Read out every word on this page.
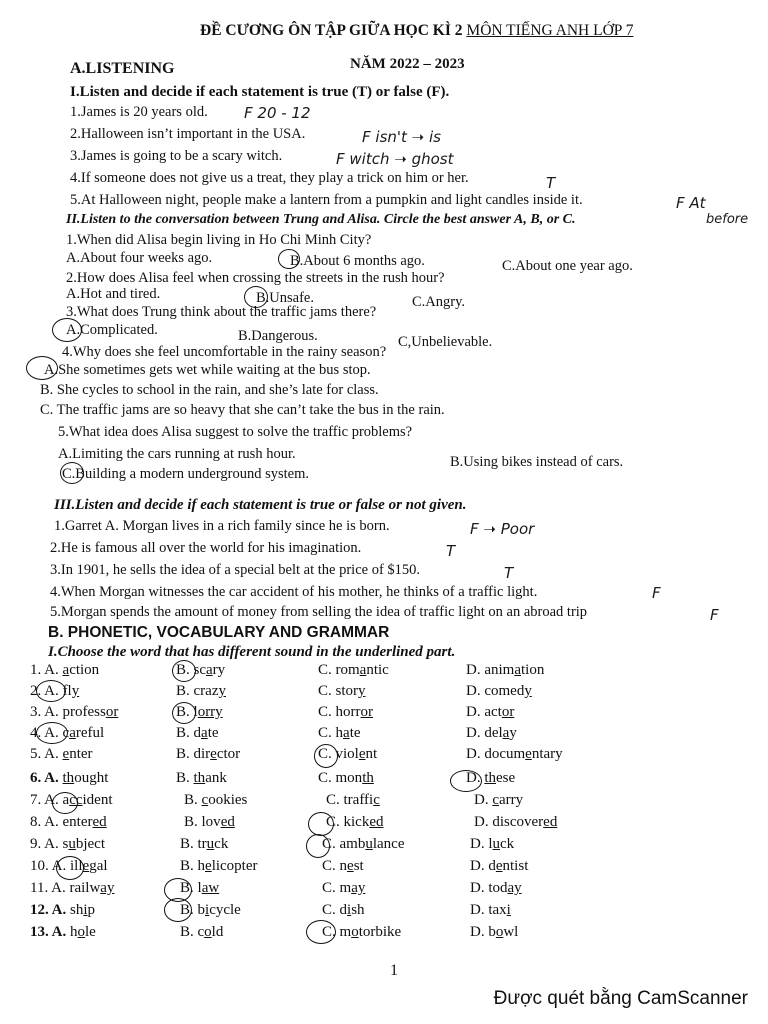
ĐỀ CƯƠNG ÔN TẬP GIỮA HỌC KÌ 2 MÔN TIẾNG ANH LỚP 7
NĂM 2022 – 2023
A.LISTENING
I.Listen and decide if each statement is true (T) or false (F).
1.James is 20 years old.
2.Halloween isn’t important in the USA.
3.James is going to be a scary witch.
4.If someone does not give us a treat, they play a trick on him or her.
5.At Halloween night, people make a lantern from a pumpkin and light candles inside it.
F 20 - 12
F isn't ➝ is
F witch ➝ ghost
T
F At
before
II.Listen to the conversation between Trung and Alisa. Circle the best answer A, B, or C.
1.When did Alisa begin living in Ho Chi Minh City?
A.About four weeks ago.	B.About 6 months ago.	C.About one year ago.
2.How does Alisa feel when crossing the streets in the rush hour?
A.Hot and tired.	B.Unsafe.	C.Angry.
3.What does Trung think about the traffic jams there?
A.Complicated.	B.Dangerous.	C,Unbelievable.
4.Why does she feel uncomfortable in the rainy season?
A.She sometimes gets wet while waiting at the bus stop.
B. She cycles to school in the rain, and she’s late for class.
C. The traffic jams are so heavy that she can’t take the bus in the rain.
5.What idea does Alisa suggest to solve the traffic problems?
A.Limiting the cars running at rush hour.	B.Using bikes instead of cars.
C.Building a modern underground system.
III.Listen and decide if each statement is true or false or not given.
1.Garret A. Morgan lives in a rich family since he is born.
2.He is famous all over the world for his imagination.
3.In 1901, he sells the idea of a special belt at the price of $150.
4.When Morgan witnesses the car accident of his mother, he thinks of a traffic light.
5.Morgan spends the amount of money from selling the idea of traffic light on an abroad trip
F ➝ Poor
T
T
F
F
B. PHONETIC, VOCABULARY AND GRAMMAR
I.Choose the word that has different sound in the underlined part.
1. A. action	B. scary	C. romantic	D. animation
2. A. fly	B. crazy	C. story	D. comedy
3. A. professor	B. lorry	C. horror	D. actor
4. A. careful	B. date	C. hate	D. delay
5. A. enter	B. director	C. violent	D. documentary
6. A. thought	B. thank	C. month	D. these
7. A. accident	B. cookies	C. traffic	D. carry
8. A. entered	B. loved	C. kicked	D. discovered
9. A. subject	B. truck	C. ambulance	D. luck
10. A. illegal	B. helicopter	C. nest	D. dentist
11. A. railway	B. law	C. may	D. today
12. A. ship	B. bicycle	C. dish	D. taxi
13. A. hole	B. cold	C. motorbike	D. bowl
1
Được quét bằng CamScanner
